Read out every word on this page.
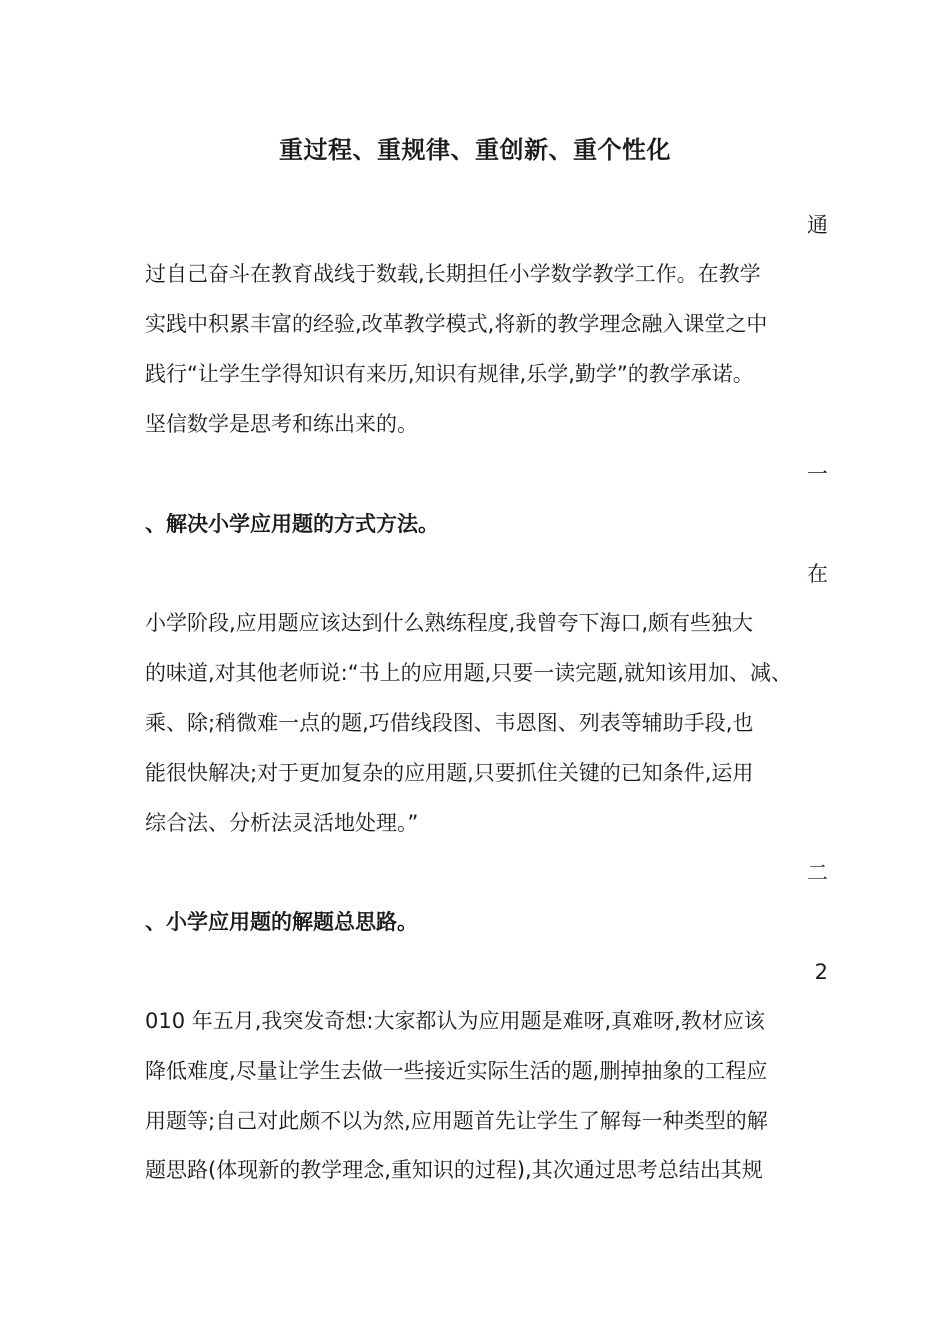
重过程、重规律、重创新、重个性化
通
过自己奋斗在教育战线于数载,长期担任小学数学教学工作。在教学
实践中积累丰富的经验,改革教学模式,将新的教学理念融入课堂之中
践行“让学生学得知识有来历,知识有规律,乐学,勤学”的教学承诺。
坚信数学是思考和练出来的。
一
、解决小学应用题的方式方法。
在
小学阶段,应用题应该达到什么熟练程度,我曾夸下海口,颇有些独大
的味道,对其他老师说:“书上的应用题,只要一读完题,就知该用加、减、
乘、除;稍微难一点的题,巧借线段图、韦恩图、列表等辅助手段,也
能很快解决;对于更加复杂的应用题,只要抓住关键的已知条件,运用
综合法、分析法灵活地处理。”
二
、小学应用题的解题总思路。
2
010 年五月,我突发奇想:大家都认为应用题是难呀,真难呀,教材应该
降低难度,尽量让学生去做一些接近实际生活的题,删掉抽象的工程应
用题等;自己对此颇不以为然,应用题首先让学生了解每一种类型的解
题思路(体现新的教学理念,重知识的过程),其次通过思考总结出其规
